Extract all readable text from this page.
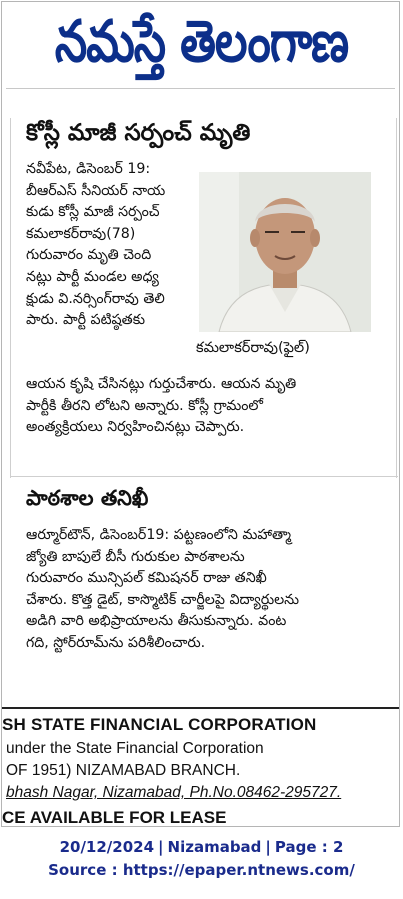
నమస్తే తెలంగాణ
కోస్లీ మాజీ సర్పంచ్‌ మృతి
నవీపేట, డిసెంబర్‌ 19:
బీఆర్‌ఎస్‌ సీనియర్‌ నాయ
కుడు కోస్లీ మాజీ సర్పంచ్‌
కమలాకర్‌రావు(78)
గురువారం మృతి చెంది
నట్లు పార్టీ మండల అధ్య
క్షుడు వి.నర్సింగ్‌రావు తెలి
పారు. పార్టీ పటిష్ఠతకు
కమలాకర్‌రావు(ఫైల్‌)
ఆయన కృషి చేసినట్లు గుర్తుచేశారు. ఆయన మృతి
పార్టీకి తీరని లోటని అన్నారు. కోస్లీ గ్రామంలో
అంత్యక్రియలు నిర్వహించినట్లు చెప్పారు.
పాఠశాల తనిఖీ
ఆర్మూర్‌టౌన్‌, డిసెంబర్‌19: పట్టణంలోని మహాత్మా
జ్యోతి బాపులే బీసీ గురుకుల పాఠశాలను
గురువారం మున్సిపల్‌ కమిషనర్‌ రాజు తనిఖీ
చేశారు. కొత్త డైట్‌, కాస్మొటిక్‌ చార్జీలపై విద్యార్థులను
అడిగి వారి అభిప్రాయాలను తీసుకున్నారు. వంట
గది, స్టోర్‌రూమ్‌ను పరిశీలించారు.
SH STATE FINANCIAL CORPORATION
under the State Financial Corporation
OF 1951) NIZAMABAD BRANCH.
bhash Nagar, Nizamabad, Ph.No.08462-295727.
CE AVAILABLE FOR LEASE
20/12/2024 | Nizamabad | Page : 2
Source : https://epaper.ntnews.com/
